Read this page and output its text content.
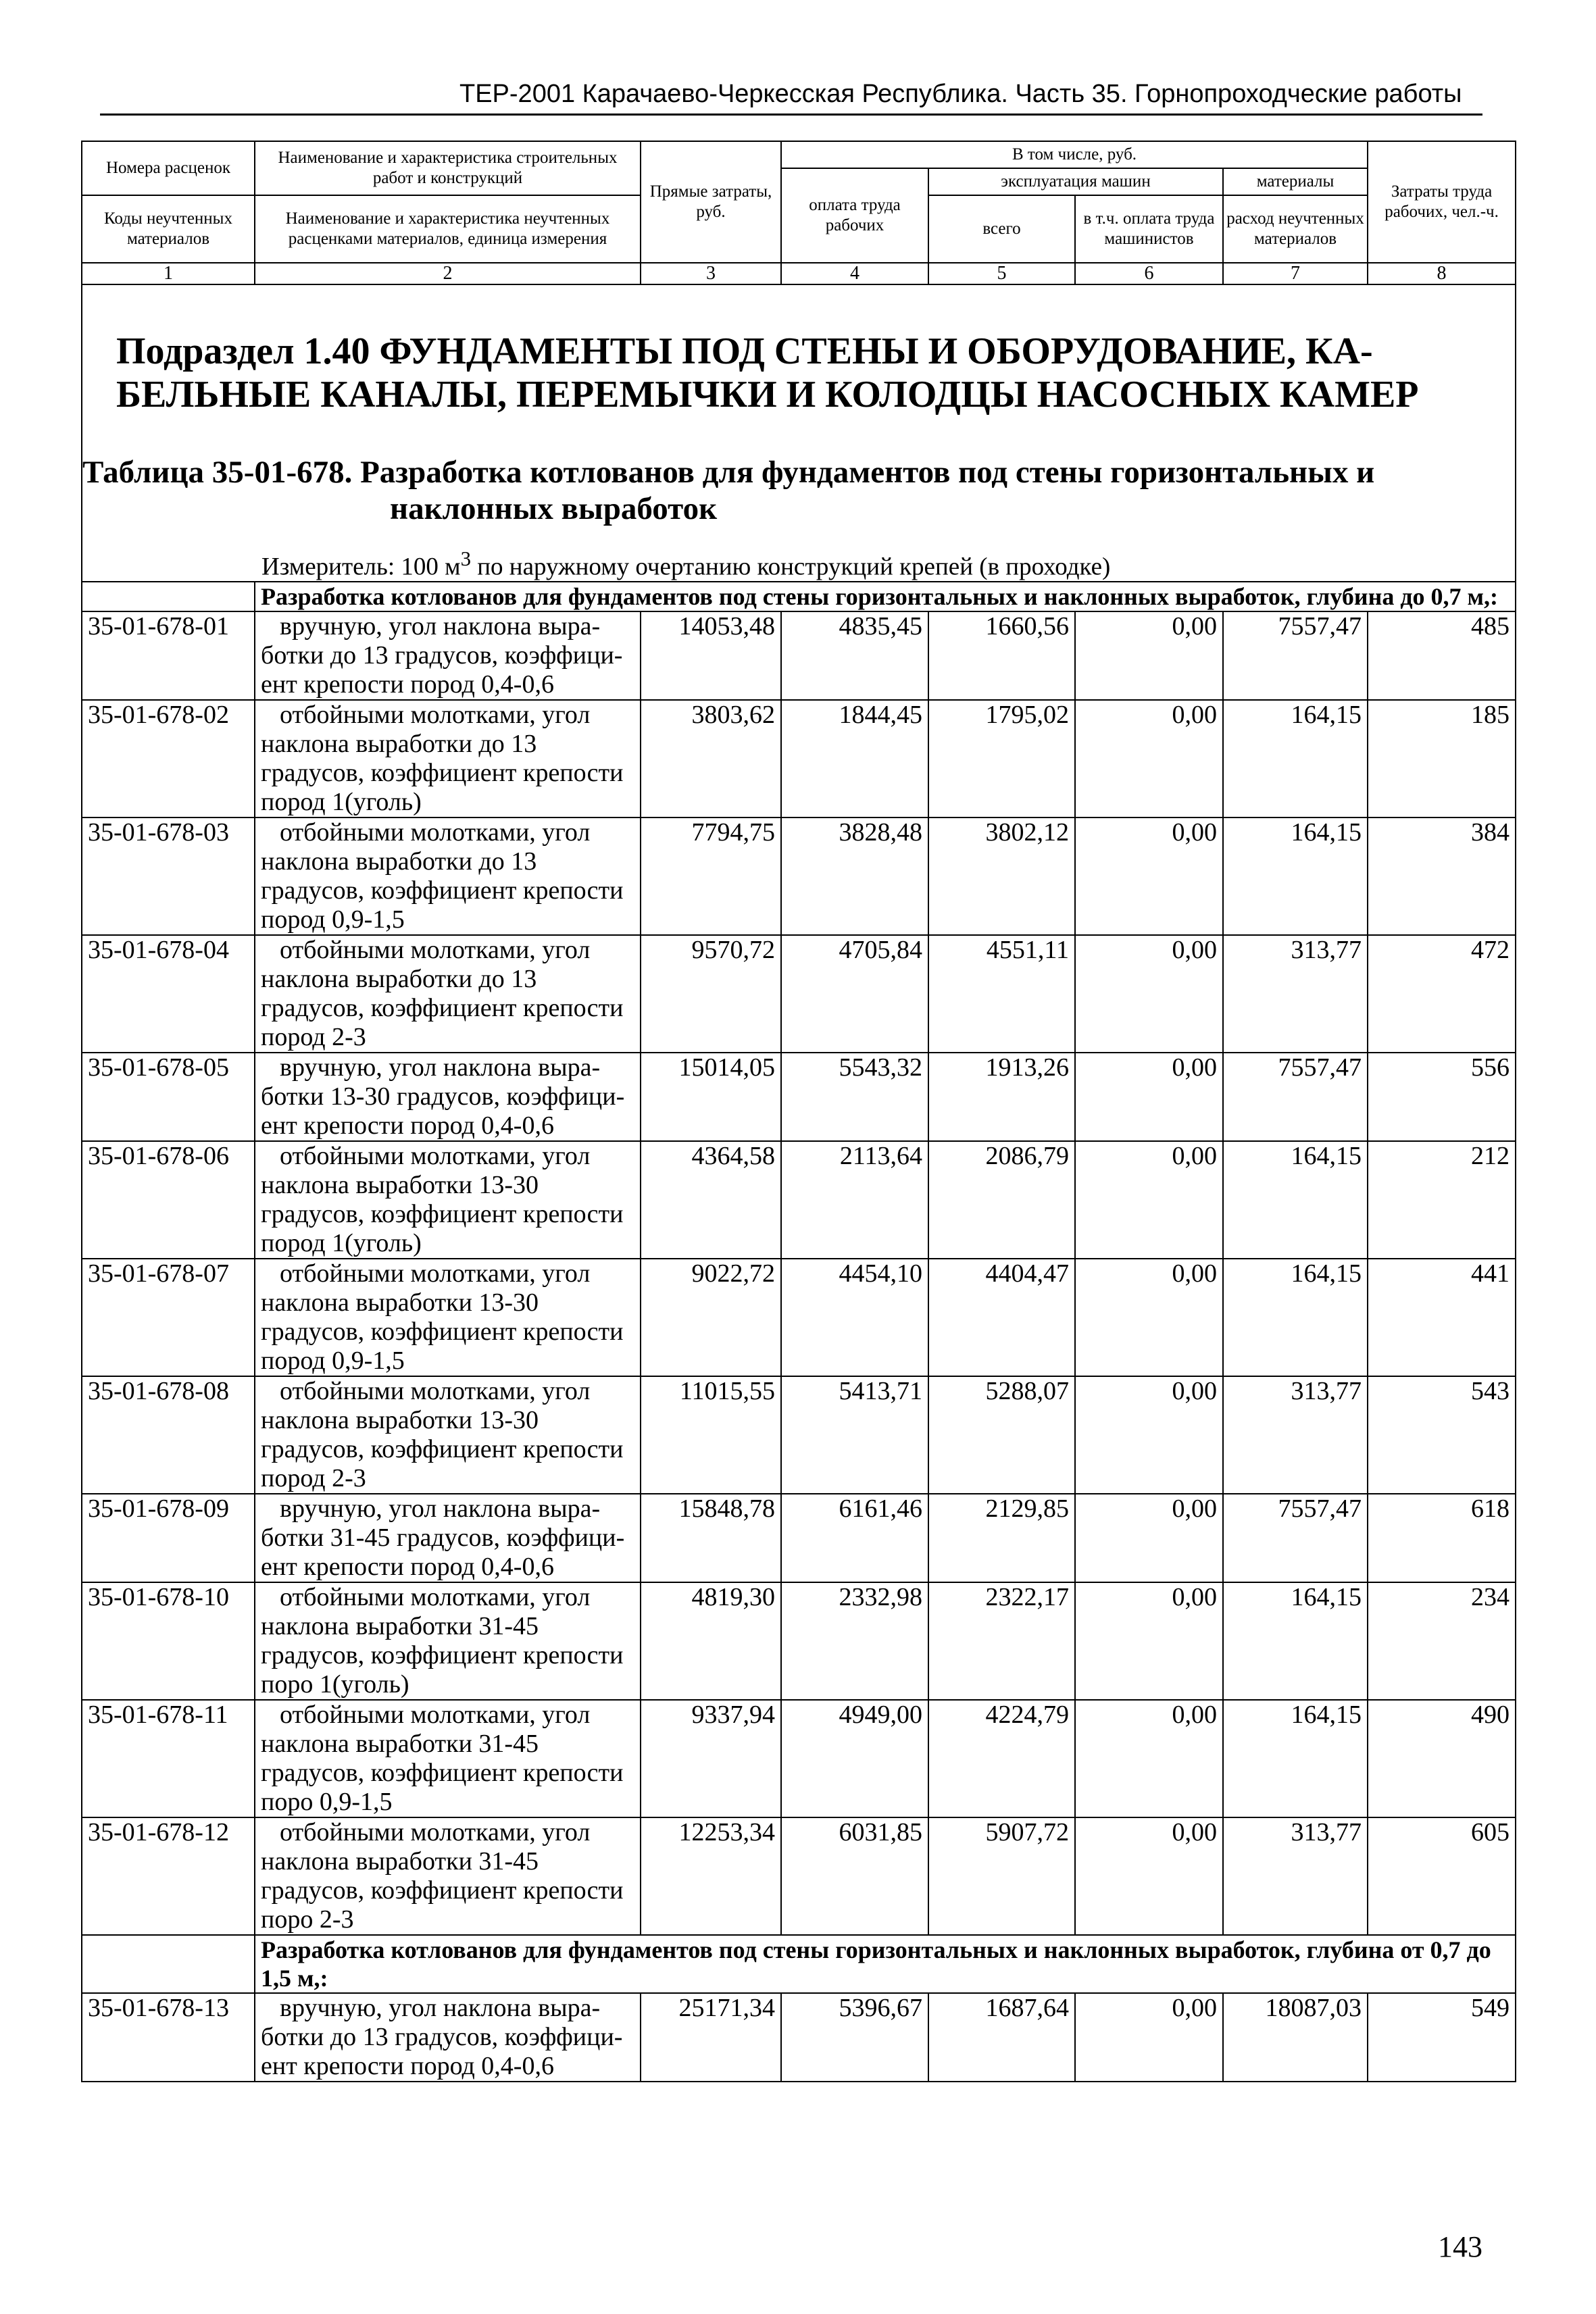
ТЕР-2001 Карачаево-Черкесская Республика. Часть 35. Горнопроходческие работы
Номера расценок	Наименование и характеристика строительных работ и конструкций	Прямые затраты, руб.	В том числе, руб.				Затраты труда рабочих, чел.-ч.
			оплата труда рабочих	эксплуатация машин		материалы	
Коды неучтенных материалов	Наименование и характеристика неучтенных расценками материалов, единица измерения			всего	в т.ч. оплата труда машинистов	расход неучтенных материалов	

1	2	3	4	5	6	7	8

Подраздел 1.40 ФУНДАМЕНТЫ ПОД СТЕНЫ И ОБОРУДОВАНИЕ, КА-БЕЛЬНЫЕ КАНАЛЫ, ПЕРЕМЫЧКИ И КОЛОДЦЫ НАСОСНЫХ КАМЕР
Таблица 35-01-678. Разработка котлованов для фундаментов под стены горизонтальных и
наклонных выработок
Измеритель: 100 $м^3$ по наружному очертанию конструкций крепей (в проходке)							

	Разработка котлованов для фундаментов под стены горизонтальных и наклонных выработок, глубина до 0,7 м,:						
35-01-678-01	вручную, угол наклона выра-
ботки до 13 градусов, коэффици-
ент крепости пород 0,4-0,6	14053,48	4835,45	1660,56	0,00	7557,47	485
35-01-678-02	отбойными молотками, угол
наклона выработки до 13
градусов, коэффициент крепости
пород 1(уголь)	3803,62	1844,45	1795,02	0,00	164,15	185
35-01-678-03	отбойными молотками, угол
наклона выработки до 13
градусов, коэффициент крепости
пород 0,9-1,5	7794,75	3828,48	3802,12	0,00	164,15	384
35-01-678-04	отбойными молотками, угол
наклона выработки до 13
градусов, коэффициент крепости
пород 2-3	9570,72	4705,84	4551,11	0,00	313,77	472
35-01-678-05	вручную, угол наклона выра-
ботки 13-30 градусов, коэффици-
ент крепости пород 0,4-0,6	15014,05	5543,32	1913,26	0,00	7557,47	556
35-01-678-06	отбойными молотками, угол
наклона выработки 13-30
градусов, коэффициент крепости
пород 1(уголь)	4364,58	2113,64	2086,79	0,00	164,15	212
35-01-678-07	отбойными молотками, угол
наклона выработки 13-30
градусов, коэффициент крепости
пород 0,9-1,5	9022,72	4454,10	4404,47	0,00	164,15	441
35-01-678-08	отбойными молотками, угол
наклона выработки 13-30
градусов, коэффициент крепости
пород 2-3	11015,55	5413,71	5288,07	0,00	313,77	543
35-01-678-09	вручную, угол наклона выра-
ботки 31-45 градусов, коэффици-
ент крепости пород 0,4-0,6	15848,78	6161,46	2129,85	0,00	7557,47	618
35-01-678-10	отбойными молотками, угол
наклона выработки 31-45
градусов, коэффициент крепости
поро 1(уголь)	4819,30	2332,98	2322,17	0,00	164,15	234
35-01-678-11	отбойными молотками, угол
наклона выработки 31-45
градусов, коэффициент крепости
поро 0,9-1,5	9337,94	4949,00	4224,79	0,00	164,15	490
35-01-678-12	отбойными молотками, угол
наклона выработки 31-45
градусов, коэффициент крепости
поро 2-3	12253,34	6031,85	5907,72	0,00	313,77	605
	Разработка котлованов для фундаментов под стены горизонтальных и наклонных выработок, глубина от 0,7 до 1,5 м,:						
35-01-678-13	вручную, угол наклона выра-
ботки до 13 градусов, коэффици-
ент крепости пород 0,4-0,6	25171,34	5396,67	1687,64	0,00	18087,03	549
143
